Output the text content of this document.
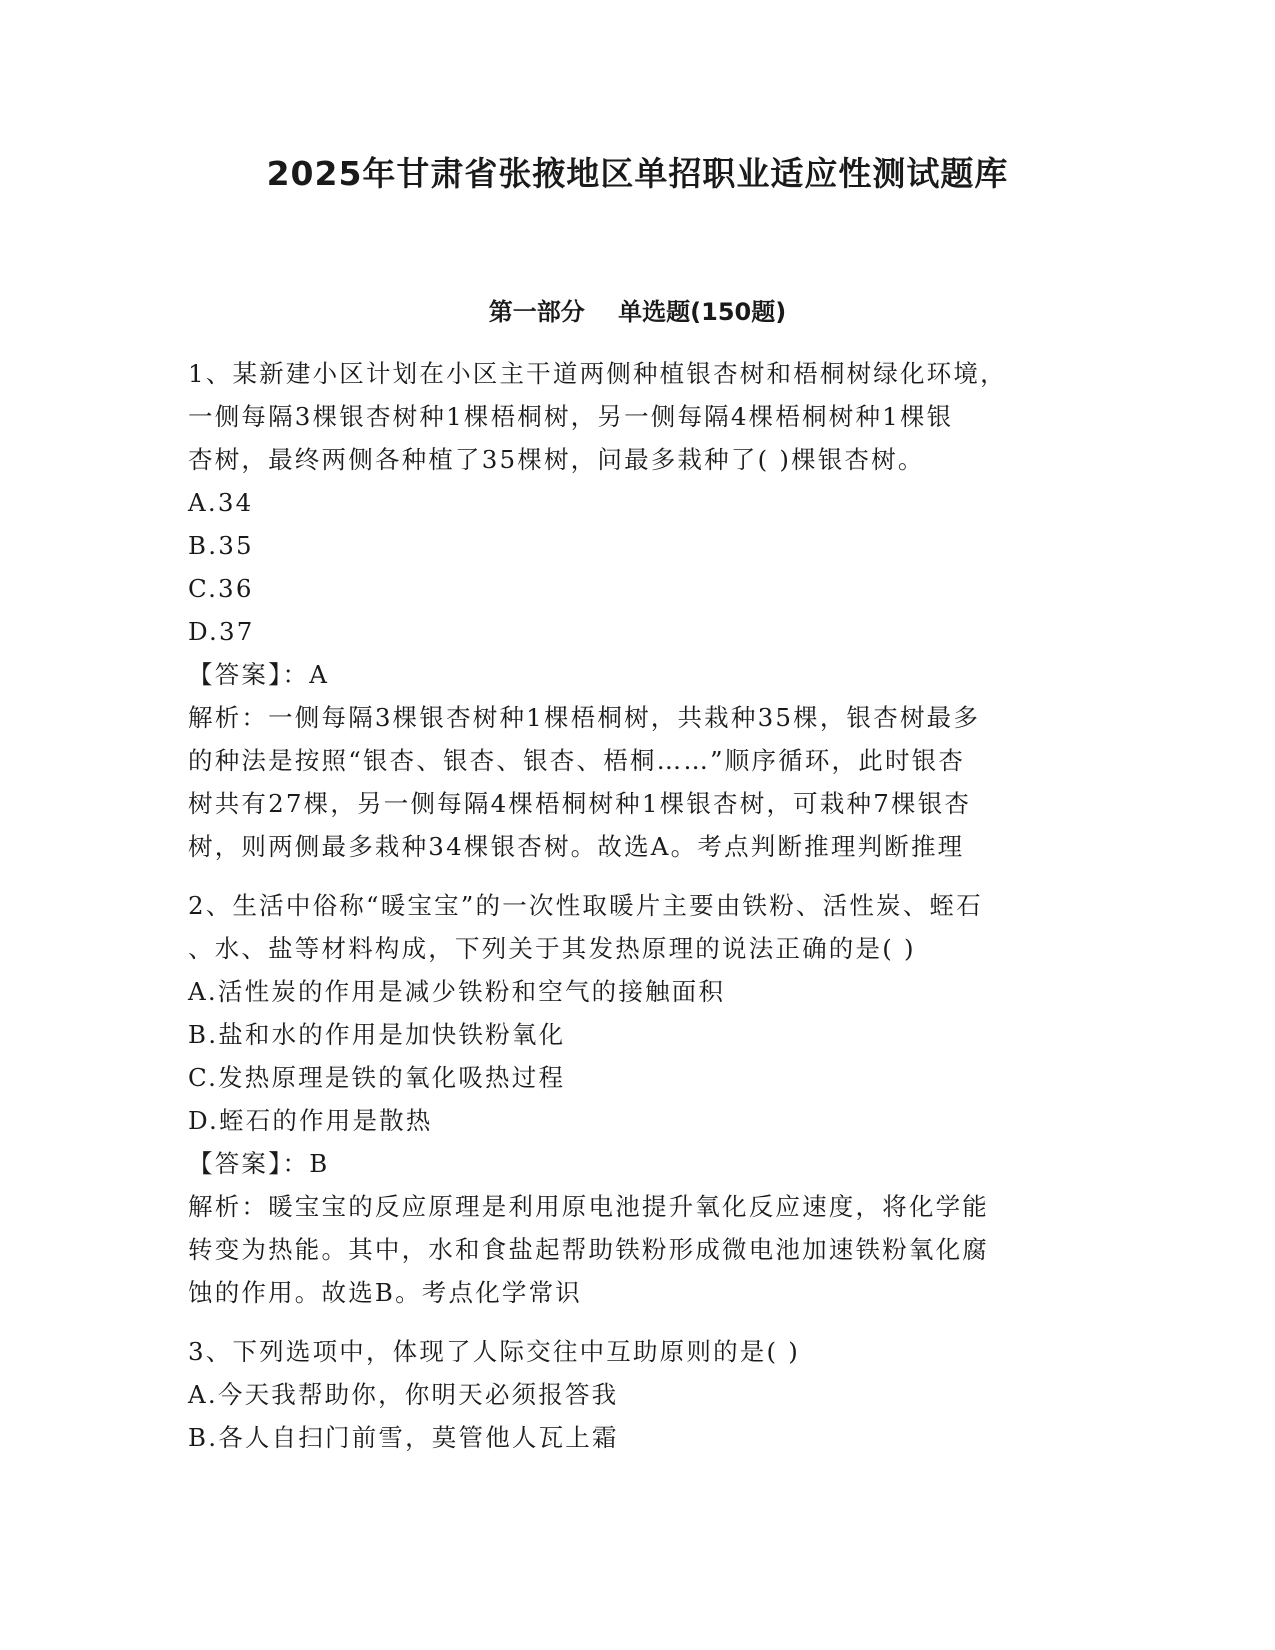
2025年甘肃省张掖地区单招职业适应性测试题库
第一部分    单选题(150题)
1、某新建小区计划在小区主干道两侧种植银杏树和梧桐树绿化环境，
一侧每隔3棵银杏树种1棵梧桐树，另一侧每隔4棵梧桐树种1棵银
杏树，最终两侧各种植了35棵树，问最多栽种了( )棵银杏树。
A.34
B.35
C.36
D.37
【答案】：A
解析：一侧每隔3棵银杏树种1棵梧桐树，共栽种35棵，银杏树最多
的种法是按照“银杏、银杏、银杏、梧桐……”顺序循环，此时银杏
树共有27棵，另一侧每隔4棵梧桐树种1棵银杏树，可栽种7棵银杏
树，则两侧最多栽种34棵银杏树。故选A。考点判断推理判断推理
2、生活中俗称“暖宝宝”的一次性取暖片主要由铁粉、活性炭、蛭石
、水、盐等材料构成，下列关于其发热原理的说法正确的是( )
A.活性炭的作用是减少铁粉和空气的接触面积
B.盐和水的作用是加快铁粉氧化
C.发热原理是铁的氧化吸热过程
D.蛭石的作用是散热
【答案】：B
解析：暖宝宝的反应原理是利用原电池提升氧化反应速度，将化学能
转变为热能。其中，水和食盐起帮助铁粉形成微电池加速铁粉氧化腐
蚀的作用。故选B。考点化学常识
3、下列选项中，体现了人际交往中互助原则的是( )
A.今天我帮助你，你明天必须报答我
B.各人自扫门前雪，莫管他人瓦上霜
